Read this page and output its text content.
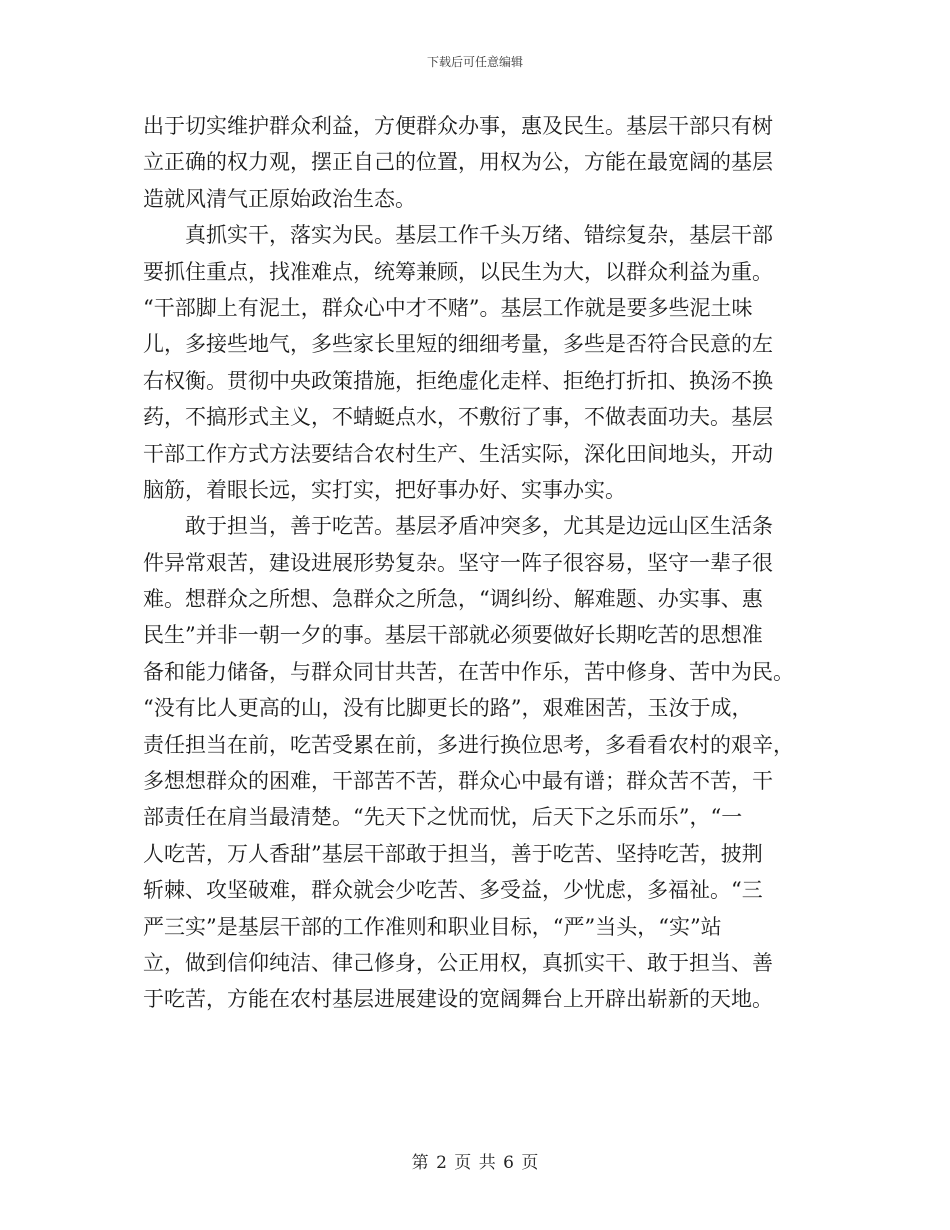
下载后可任意编辑
出于切实维护群众利益，方便群众办事，惠及民生。基层干部只有树
立正确的权力观，摆正自己的位置，用权为公，方能在最宽阔的基层
造就风清气正原始政治生态。
　　真抓实干，落实为民。基层工作千头万绪、错综复杂，基层干部
要抓住重点，找准难点，统筹兼顾，以民生为大，以群众利益为重。
“干部脚上有泥土，群众心中才不赌”。基层工作就是要多些泥土味
儿，多接些地气，多些家长里短的细细考量，多些是否符合民意的左
右权衡。贯彻中央政策措施，拒绝虚化走样、拒绝打折扣、换汤不换
药，不搞形式主义，不蜻蜓点水，不敷衍了事，不做表面功夫。基层
干部工作方式方法要结合农村生产、生活实际，深化田间地头，开动
脑筋，着眼长远，实打实，把好事办好、实事办实。
　　敢于担当，善于吃苦。基层矛盾冲突多，尤其是边远山区生活条
件异常艰苦，建设进展形势复杂。坚守一阵子很容易，坚守一辈子很
难。想群众之所想、急群众之所急，“调纠纷、解难题、办实事、惠
民生”并非一朝一夕的事。基层干部就必须要做好长期吃苦的思想准
备和能力储备，与群众同甘共苦，在苦中作乐，苦中修身、苦中为民。
“没有比人更高的山，没有比脚更长的路”，艰难困苦，玉汝于成，
责任担当在前，吃苦受累在前，多进行换位思考，多看看农村的艰辛，
多想想群众的困难，干部苦不苦，群众心中最有谱；群众苦不苦，干
部责任在肩当最清楚。“先天下之忧而忧，后天下之乐而乐”，“一
人吃苦，万人香甜”基层干部敢于担当，善于吃苦、坚持吃苦，披荆
斩棘、攻坚破难，群众就会少吃苦、多受益，少忧虑，多福祉。“三
严三实”是基层干部的工作准则和职业目标，“严”当头，“实”站
立，做到信仰纯洁、律己修身，公正用权，真抓实干、敢于担当、善
于吃苦，方能在农村基层进展建设的宽阔舞台上开辟出崭新的天地。
第 2 页 共 6 页
